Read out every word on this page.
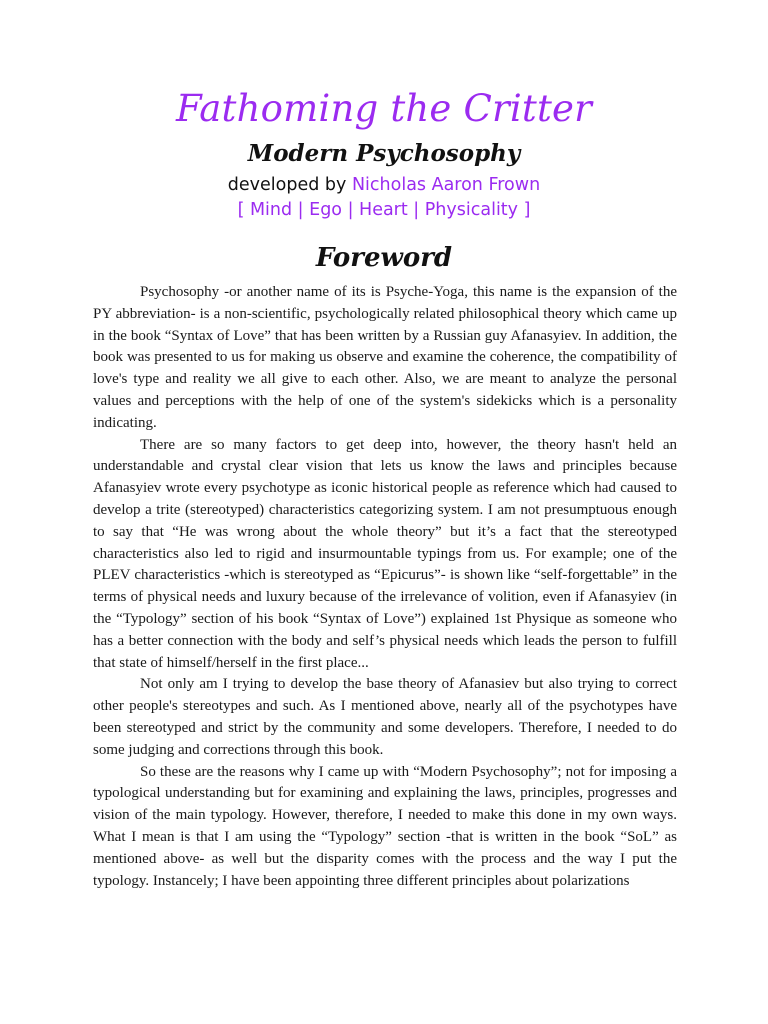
Fathoming the Critter
Modern Psychosophy
developed by Nicholas Aaron Frown
[ Mind | Ego | Heart | Physicality ]
Foreword

Psychosophy -or another name of its is Psyche-Yoga, this name is the expansion of the PY abbreviation- is a non-scientific, psychologically related philosophical theory which came up in the book “Syntax of Love” that has been written by a Russian guy Afanasyiev. In addition, the book was presented to us for making us observe and examine the coherence, the compatibility of love's type and reality we all give to each other. Also, we are meant to analyze the personal values and perceptions with the help of one of the system's sidekicks which is a personality indicating.

There are so many factors to get deep into, however, the theory hasn't held an understandable and crystal clear vision that lets us know the laws and principles because Afanasyiev wrote every psychotype as iconic historical people as reference which had caused to develop a trite (stereotyped) characteristics categorizing system. I am not presumptuous enough to say that “He was wrong about the whole theory” but it’s a fact that the stereotyped characteristics also led to rigid and insurmountable typings from us. For example; one of the PLEV characteristics -which is stereotyped as “Epicurus”- is shown like “self-forgettable” in the terms of physical needs and luxury because of the irrelevance of volition, even if Afanasyiev (in the “Typology” section of his book “Syntax of Love”) explained 1st Physique as someone who has a better connection with the body and self’s physical needs which leads the person to fulfill that state of himself/herself in the first place...

Not only am I trying to develop the base theory of Afanasiev but also trying to correct other people's stereotypes and such. As I mentioned above, nearly all of the psychotypes have been stereotyped and strict by the community and some developers. Therefore, I needed to do some judging and corrections through this book.

So these are the reasons why I came up with “Modern Psychosophy”; not for imposing a typological understanding but for examining and explaining the laws, principles, progresses and vision of the main typology. However, therefore, I needed to make this done in my own ways. What I mean is that I am using the “Typology” section -that is written in the book “SoL” as mentioned above- as well but the disparity comes with the process and the way I put the typology. Instancely; I have been appointing three different principles about polarizations
